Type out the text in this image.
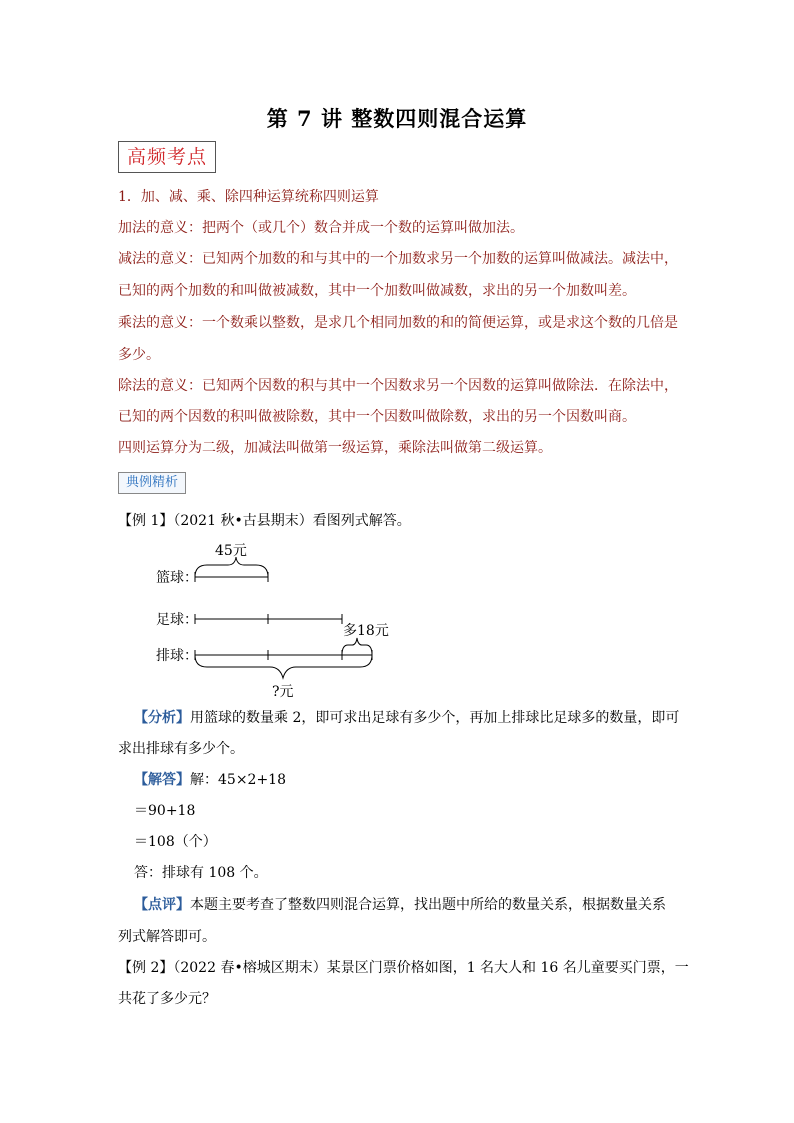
第 7 讲 整数四则混合运算
高频考点
1．加、减、乘、除四种运算统称四则运算
加法的意义：把两个（或几个）数合并成一个数的运算叫做加法。
减法的意义：已知两个加数的和与其中的一个加数求另一个加数的运算叫做减法。减法中，
已知的两个加数的和叫做被减数，其中一个加数叫做减数，求出的另一个加数叫差。
乘法的意义：一个数乘以整数，是求几个相同加数的和的简便运算，或是求这个数的几倍是
多少。
除法的意义：已知两个因数的积与其中一个因数求另一个因数的运算叫做除法．在除法中，
已知的两个因数的积叫做被除数，其中一个因数叫做除数，求出的另一个因数叫商。
四则运算分为二级，加减法叫做第一级运算，乘除法叫做第二级运算。
典例精析
【例 1】（2021 秋•古县期末）看图列式解答。
45元
篮球：
足球：
多18元
排球：
?元
【分析】用篮球的数量乘 2，即可求出足球有多少个，再加上排球比足球多的数量，即可
求出排球有多少个。
【解答】解：45×2+18
＝90+18
＝108（个）
答：排球有 108 个。
【点评】本题主要考查了整数四则混合运算，找出题中所给的数量关系，根据数量关系
列式解答即可。
【例 2】（2022 春•榕城区期末）某景区门票价格如图，1 名大人和 16 名儿童要买门票，一
共花了多少元？
